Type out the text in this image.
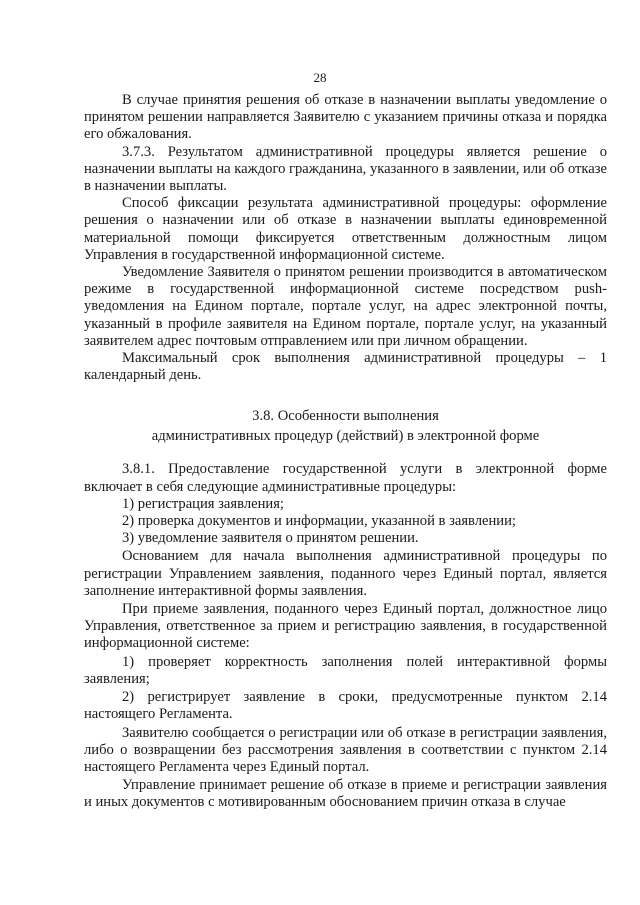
28

В случае принятия решения об отказе в назначении выплаты уведомление о принятом решении направляется Заявителю с указанием причины отказа и порядка его обжалования.

3.7.3. Результатом административной процедуры является решение о назначении выплаты на каждого гражданина, указанного в заявлении, или об отказе в назначении выплаты.

Способ фиксации результата административной процедуры: оформление решения о назначении или об отказе в назначении выплаты единовременной материальной помощи фиксируется ответственным должностным лицом Управления в государственной информационной системе.

Уведомление Заявителя о принятом решении производится в автоматическом режиме в государственной информационной системе посредством push-уведомления на Едином портале, портале услуг, на адрес электронной почты, указанный в профиле заявителя на Едином портале, портале услуг, на указанный заявителем адрес почтовым отправлением или при личном обращении.

Максимальный срок выполнения административной процедуры – 1 календарный день.

3.8. Особенности выполнения
административных процедур (действий) в электронной форме

3.8.1. Предоставление государственной услуги в электронной форме включает в себя следующие административные процедуры:

1) регистрация заявления;

2) проверка документов и информации, указанной в заявлении;

3) уведомление заявителя о принятом решении.

Основанием для начала выполнения административной процедуры по регистрации Управлением заявления, поданного через Единый портал, является заполнение интерактивной формы заявления.

При приеме заявления, поданного через Единый портал, должностное лицо Управления, ответственное за прием и регистрацию заявления, в государственной информационной системе:

1) проверяет корректность заполнения полей интерактивной формы заявления;

2) регистрирует заявление в сроки, предусмотренные пунктом 2.14 настоящего Регламента.

Заявителю сообщается о регистрации или об отказе в регистрации заявления, либо о возвращении без рассмотрения заявления в соответствии с пунктом 2.14 настоящего Регламента через Единый портал.

Управление принимает решение об отказе в приеме и регистрации заявления и иных документов с мотивированным обоснованием причин отказа в случае
